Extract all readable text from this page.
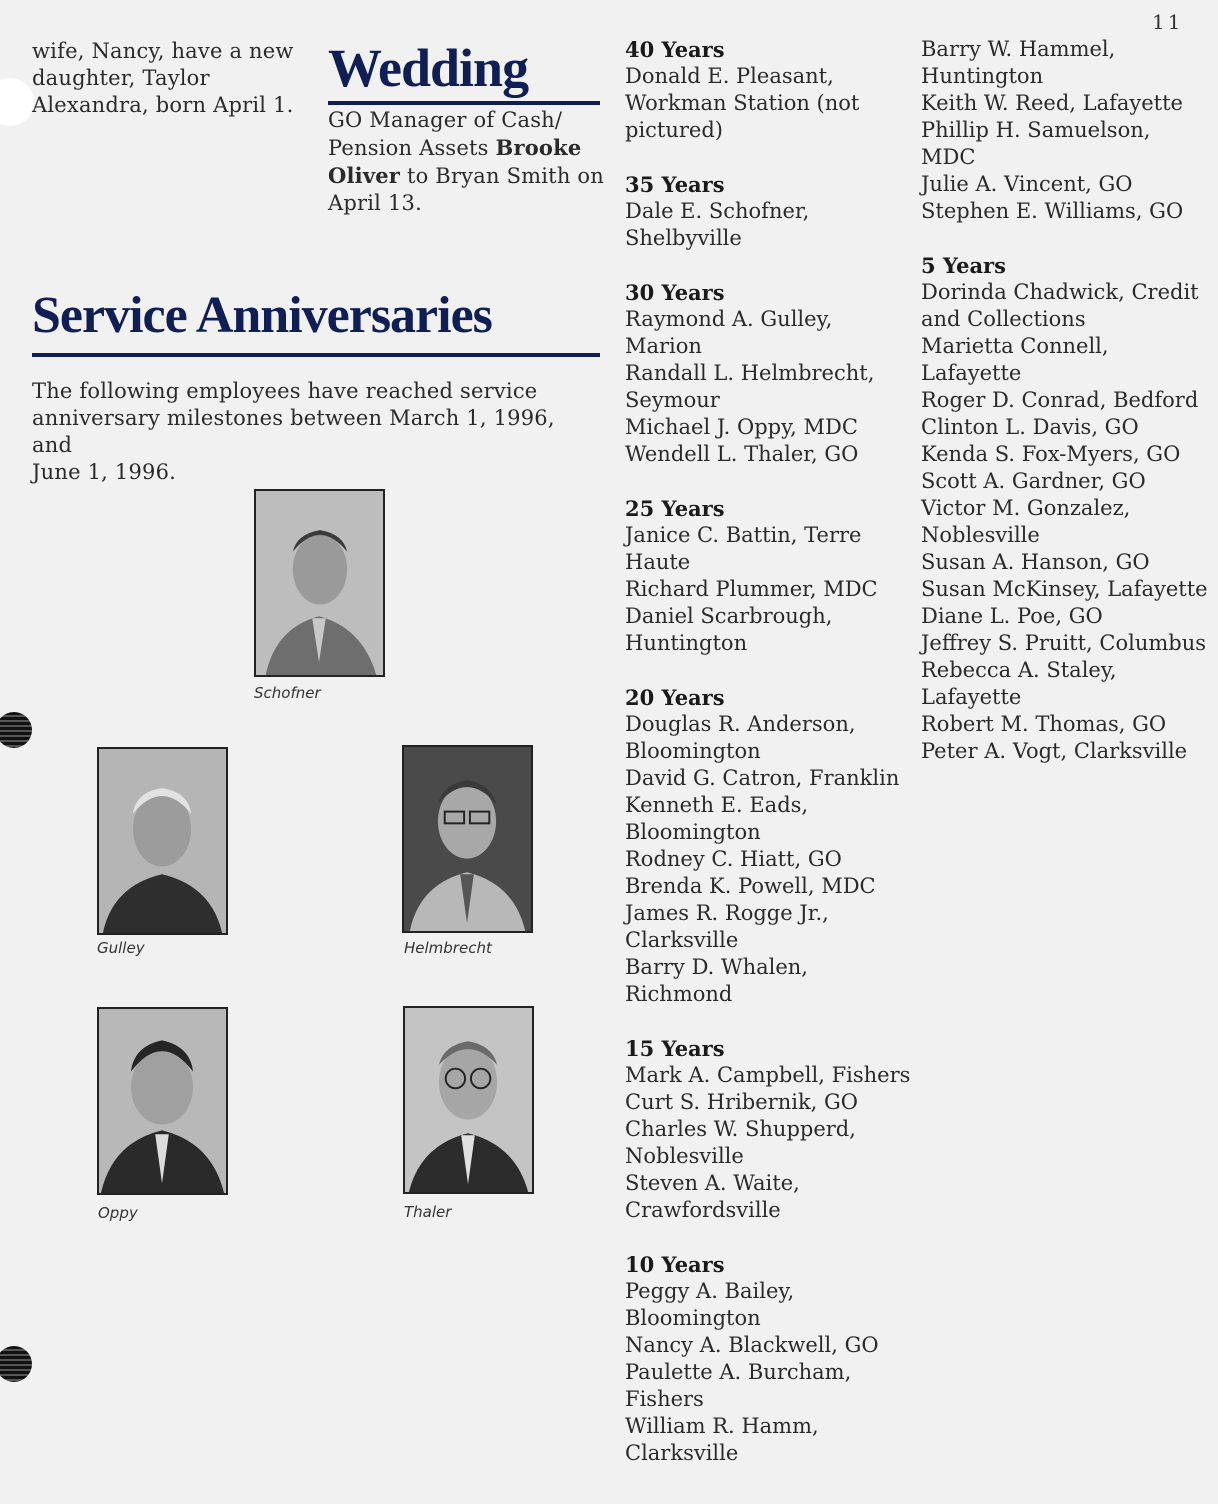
11

wife, Nancy, have a new

daughter, Taylor

Alexandra, born April 1.

Wedding

GO Manager of Cash/

Pension Assets Brooke

Oliver to Bryan Smith on

April 13.

Service Anniversaries

The following employees have reached service

anniversary milestones between March 1, 1996, and

June 1, 1996.

Schofner
Gulley	Helmbrecht
Oppy	Thaler
40 Years
Donald E. Pleasant,
Workman Station (not
pictured)
35 Years
Dale E. Schofner,
Shelbyville
30 Years
Raymond A. Gulley,
Marion
Randall L. Helmbrecht,
Seymour
Michael J. Oppy, MDC
Wendell L. Thaler, GO
25 Years
Janice C. Battin, Terre
Haute
Richard Plummer, MDC
Daniel Scarbrough,
Huntington
20 Years
Douglas R. Anderson,
Bloomington
David G. Catron, Franklin
Kenneth E. Eads,
Bloomington
Rodney C. Hiatt, GO
Brenda K. Powell, MDC
James R. Rogge Jr.,
Clarksville
Barry D. Whalen,
Richmond
15 Years
Mark A. Campbell, Fishers
Curt S. Hribernik, GO
Charles W. Shupperd,
Noblesville
Steven A. Waite,
Crawfordsville
10 Years
Peggy A. Bailey,
Bloomington
Nancy A. Blackwell, GO
Paulette A. Burcham,
Fishers
William R. Hamm,
Clarksville
Barry W. Hammel,
Huntington
Keith W. Reed, Lafayette
Phillip H. Samuelson,
MDC
Julie A. Vincent, GO
Stephen E. Williams, GO
5 Years
Dorinda Chadwick, Credit
and Collections
Marietta Connell, Lafayette
Roger D. Conrad, Bedford
Clinton L. Davis, GO
Kenda S. Fox-Myers, GO
Scott A. Gardner, GO
Victor M. Gonzalez,
Noblesville
Susan A. Hanson, GO
Susan McKinsey, Lafayette
Diane L. Poe, GO
Jeffrey S. Pruitt, Columbus
Rebecca A. Staley,
Lafayette
Robert M. Thomas, GO
Peter A. Vogt, Clarksville
